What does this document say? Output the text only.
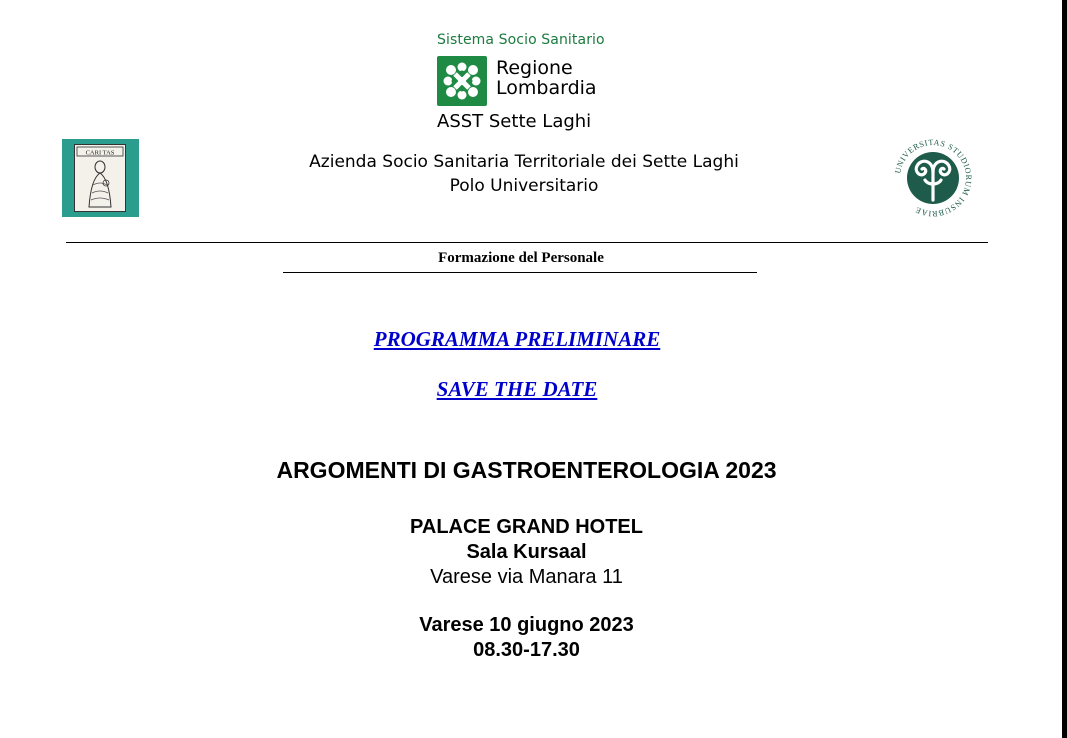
Sistema Socio Sanitario
Regione
Lombardia
ASST Sette Laghi
CARI TAS	Azienda Socio Sanitaria Territoriale dei Sette Laghi
Polo Universitario
UNIVERSITAS STUDIORUM INSUBRIAE
Formazione del Personale
PROGRAMMA PRELIMINARE
SAVE THE DATE
ARGOMENTI DI GASTROENTEROLOGIA 2023
PALACE GRAND HOTEL
Sala Kursaal
Varese via Manara 11
Varese 10 giugno 2023
08.30-17.30
